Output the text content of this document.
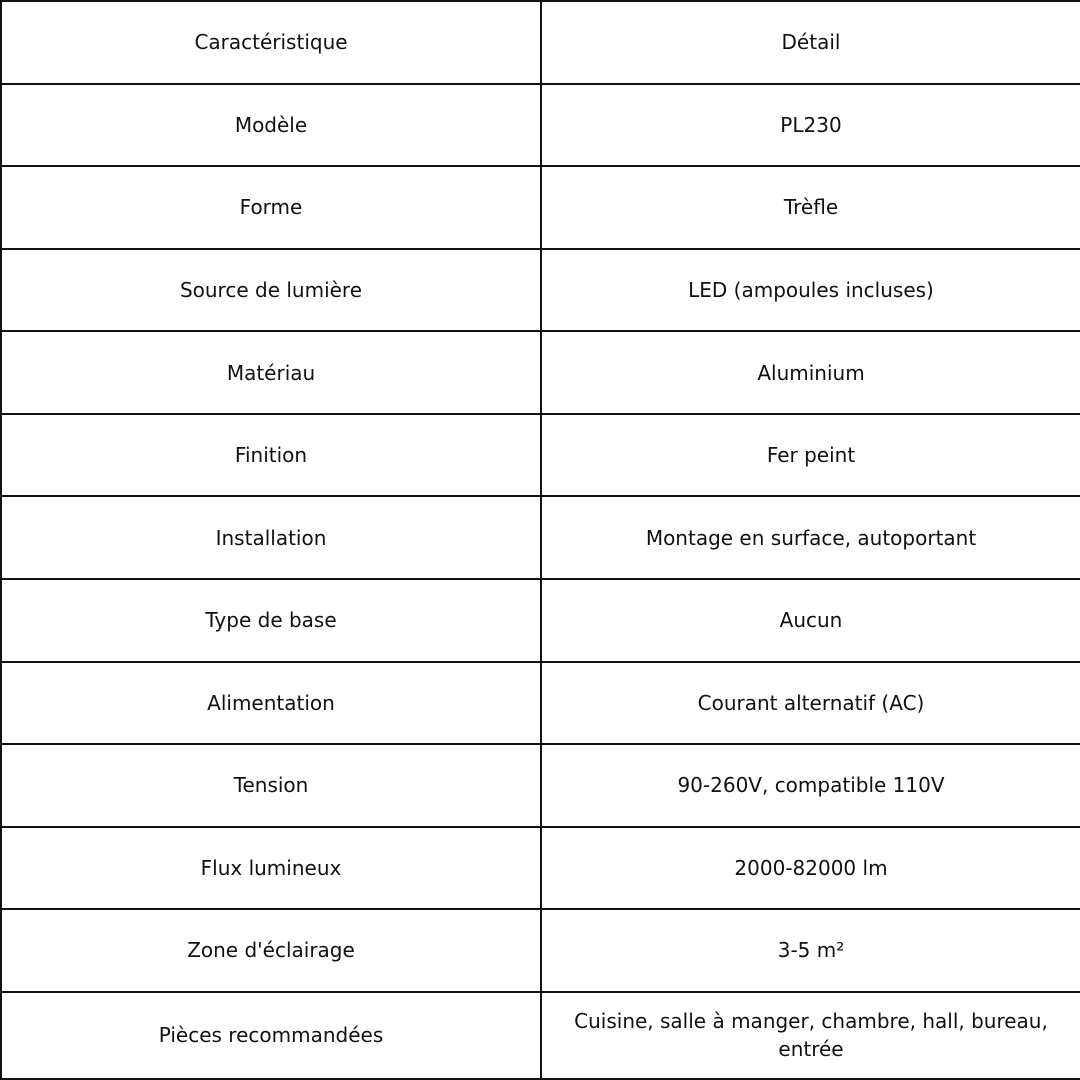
Caractéristique	Détail
Modèle	PL230
Forme	Trèfle
Source de lumière	LED (ampoules incluses)
Matériau	Aluminium
Finition	Fer peint
Installation	Montage en surface, autoportant
Type de base	Aucun
Alimentation	Courant alternatif (AC)
Tension	90-260V, compatible 110V
Flux lumineux	2000-82000 lm
Zone d'éclairage	3-5 m²
Pièces recommandées	Cuisine, salle à manger, chambre, hall, bureau, entrée
